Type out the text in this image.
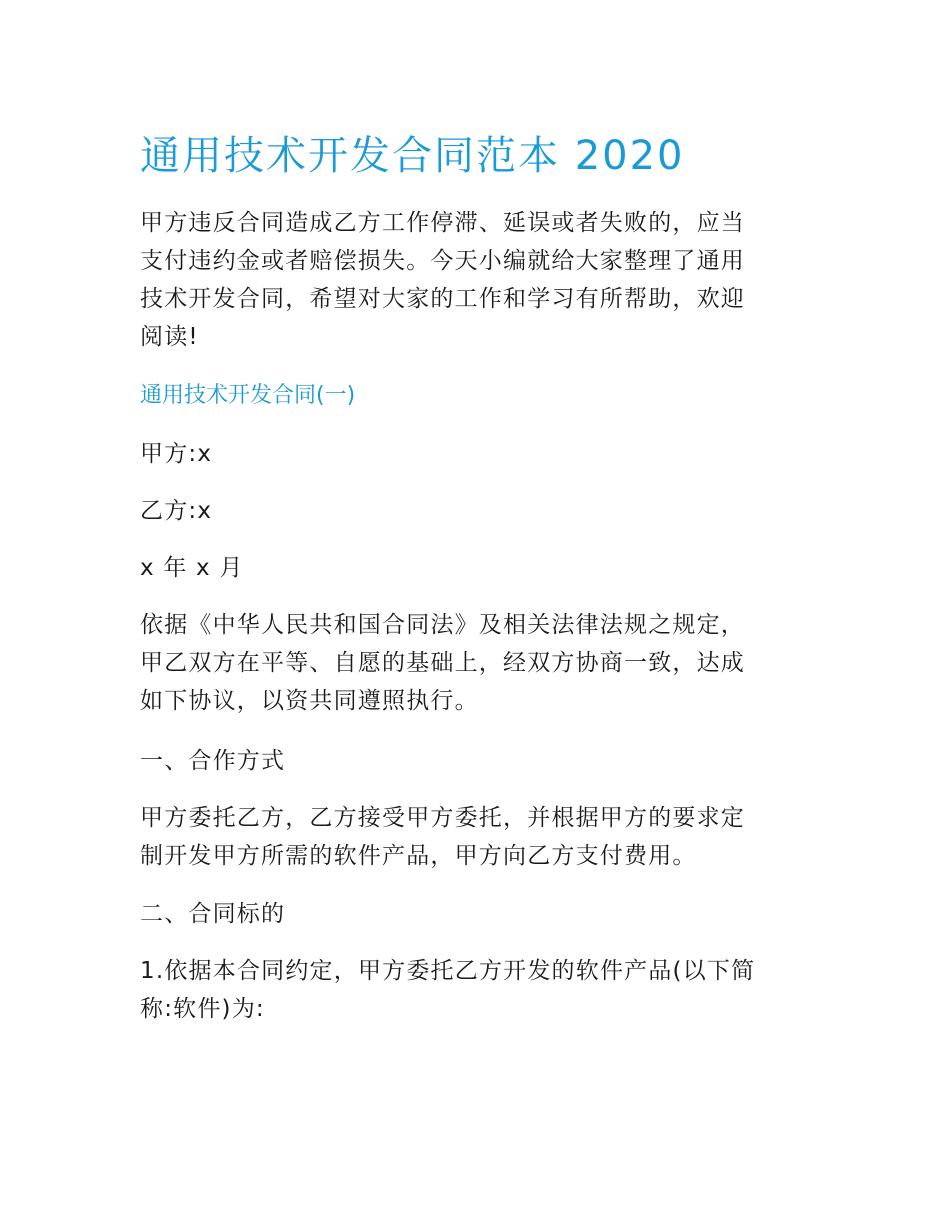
通用技术开发合同范本 2020

甲方违反合同造成乙方工作停滞、延误或者失败的，应当
支付违约金或者赔偿损失。今天小编就给大家整理了通用
技术开发合同，希望对大家的工作和学习有所帮助，欢迎
阅读!

通用技术开发合同(一)

甲方:x

乙方:x

x 年 x 月

依据《中华人民共和国合同法》及相关法律法规之规定，
甲乙双方在平等、自愿的基础上，经双方协商一致，达成
如下协议，以资共同遵照执行。

一、合作方式

甲方委托乙方，乙方接受甲方委托，并根据甲方的要求定
制开发甲方所需的软件产品，甲方向乙方支付费用。

二、合同标的

1.依据本合同约定，甲方委托乙方开发的软件产品(以下简
称:软件)为:
